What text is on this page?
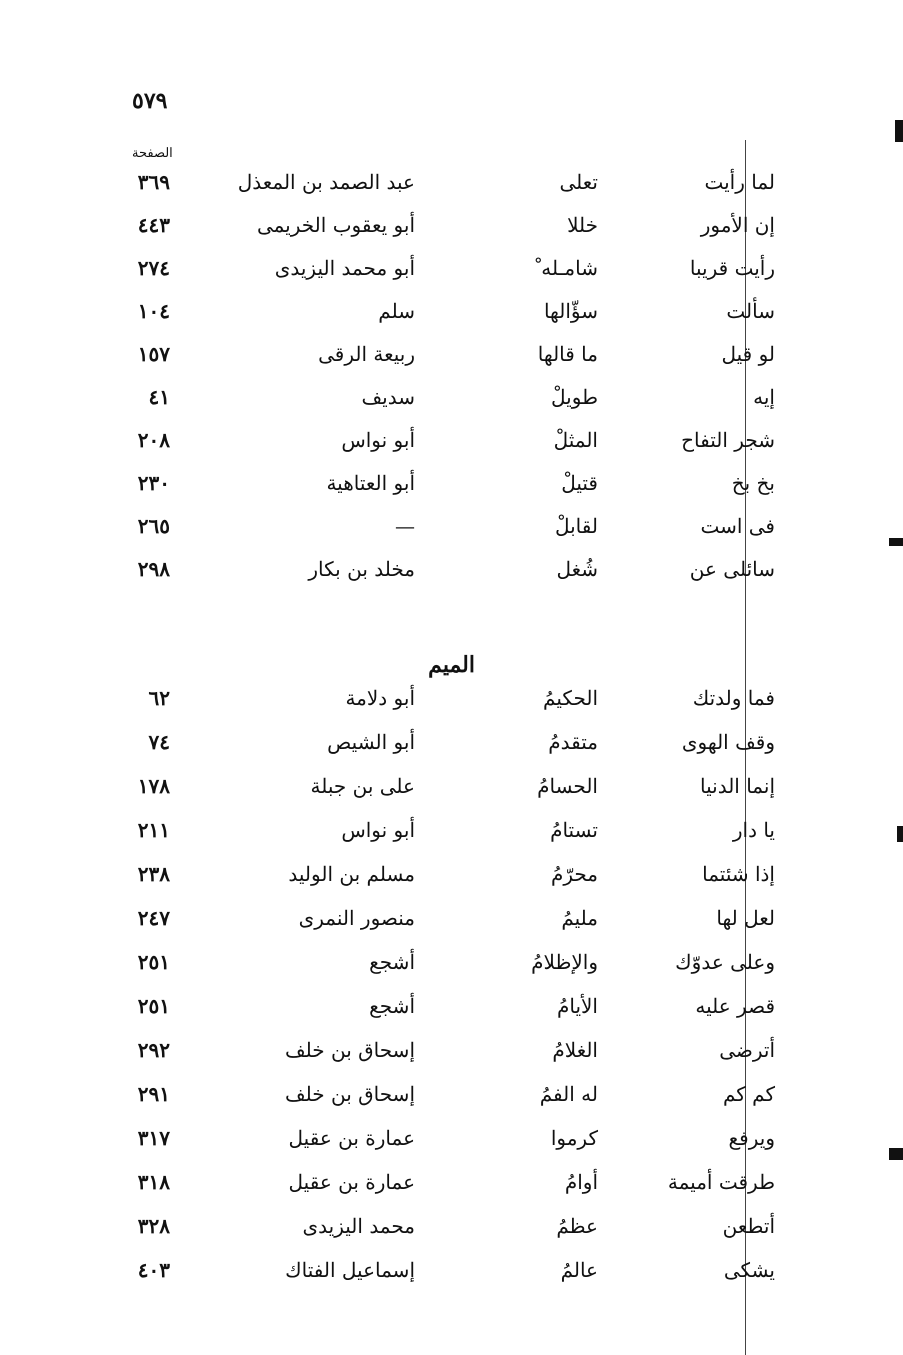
٥٧٩
الصفحة
لما رأيت
تعلى
عبد الصمد بن المعذل
٣٦٩
إن الأمور
خللا
أبو يعقوب الخريمى
٤٤٣
رأيت قريبا
شامـله ْ
أبو محمد اليزيدى
٢٧٤
سألت
سؤّالها
سلم
١٠٤
لو قيل
ما قالها
ربيعة الرقى
١٥٧
إيه
طويلْ
سديف
٤١
شجر التفاح
المثلْ
أبو نواس
٢٠٨
بخ بخ
قتيلْ
أبو العتاهية
٢٣٠
فى است
لقابلْ
—
٢٦٥
سائلى عن
شُغل
مخلد بن بكار
٢٩٨
الميم
فما ولدتك
الحكيمُ
أبو دلامة
٦٢
وقف الهوى
متقدمُ
أبو الشيص
٧٤
إنما الدنيا
الحسامُ
على بن جبلة
١٧٨
يا دار
تستامُ
أبو نواس
٢١١
إذا شئتما
محرّمُ
مسلم بن الوليد
٢٣٨
لعل لها
مليمُ
منصور النمرى
٢٤٧
وعلى عدوّك
والإظلامُ
أشجع
٢٥١
قصر عليه
الأيامُ
أشجع
٢٥١
أترضى
الغلامُ
إسحاق بن خلف
٢٩٢
كم كم
له الفمُ
إسحاق بن خلف
٢٩١
ويرفع
كرموا
عمارة بن عقيل
٣١٧
طرقت أميمة
أوامُ
عمارة بن عقيل
٣١٨
أتطعن
عظمُ
محمد اليزيدى
٣٢٨
يشكى
عالمُ
إسماعيل الفتاك
٤٠٣
